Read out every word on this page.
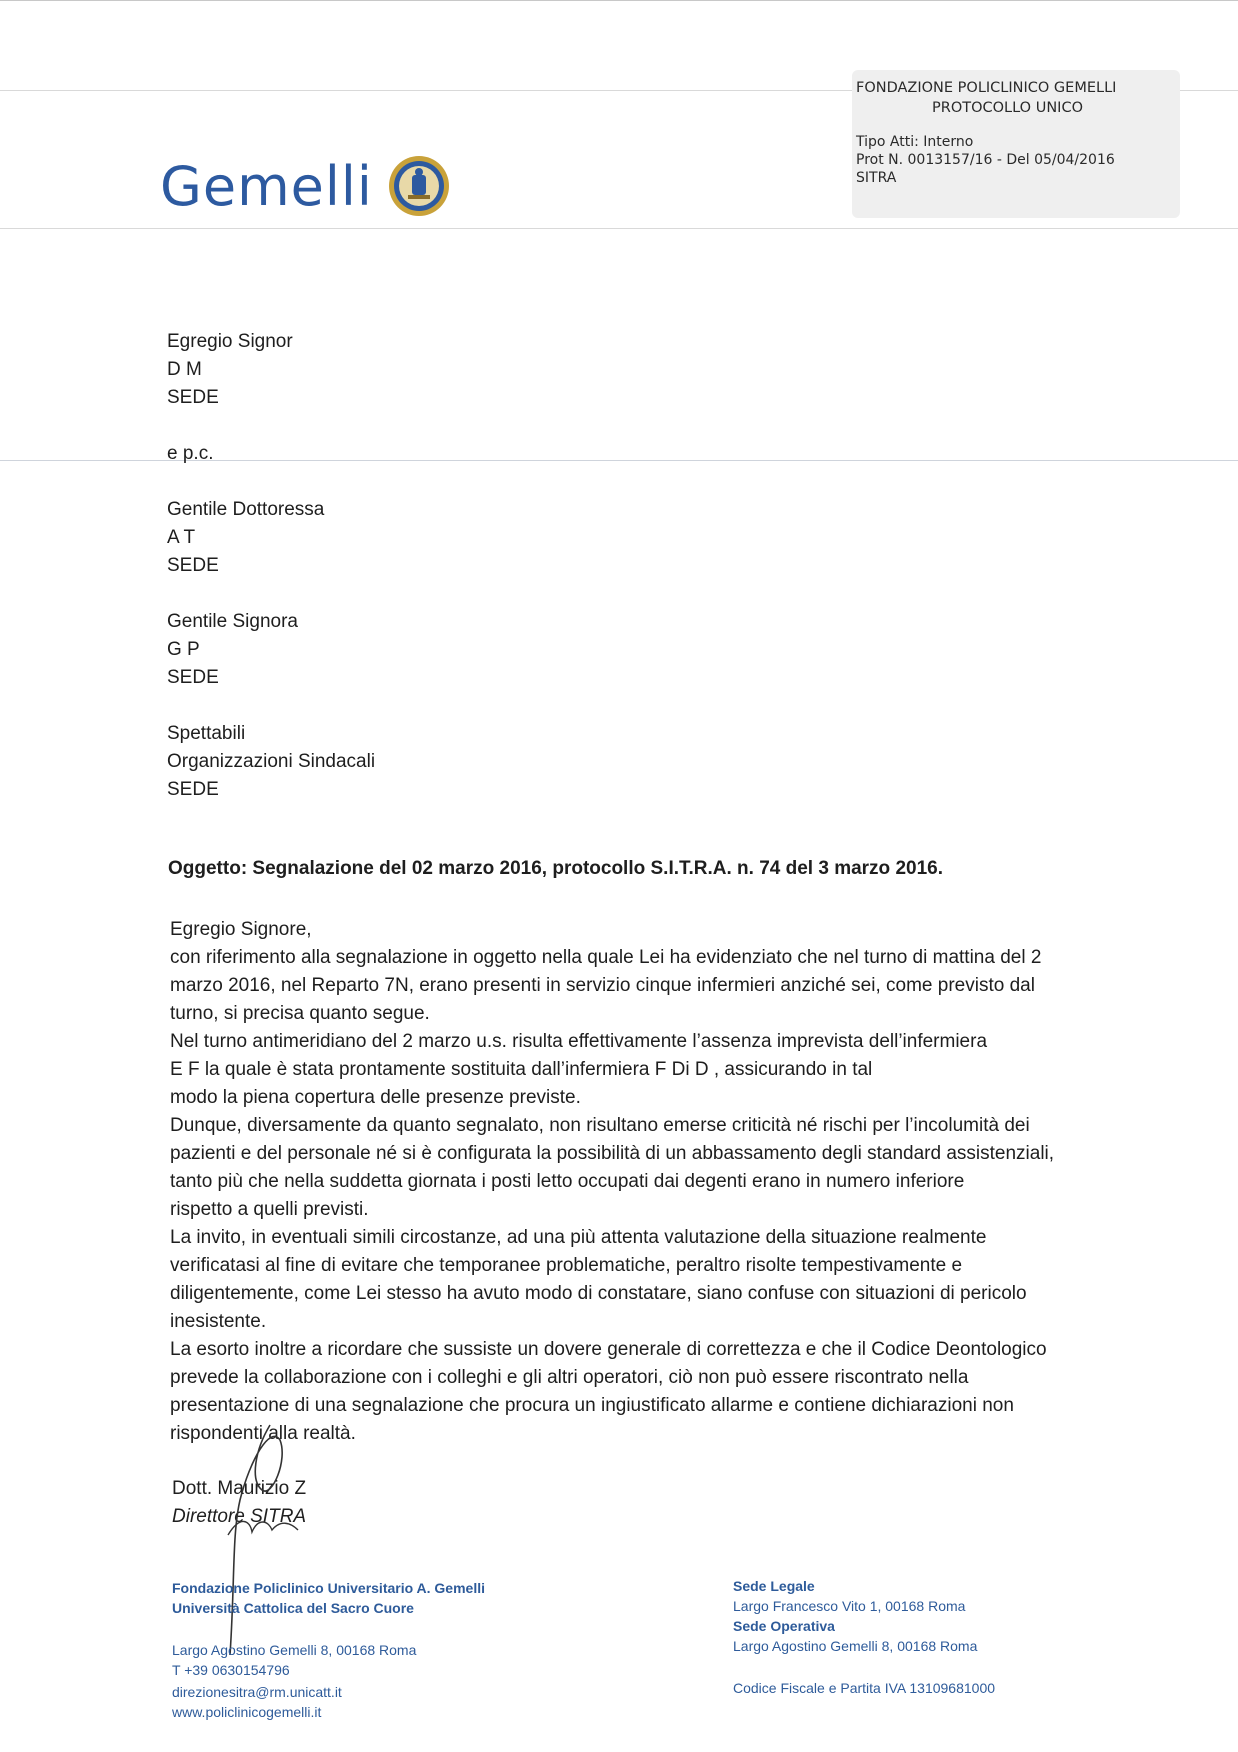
Gemelli
FONDAZIONE POLICLINICO GEMELLI
PROTOCOLLO UNICO
Tipo Atti: Interno
Prot N. 0013157/16 - Del 05/04/2016
SITRA
Egregio Signor
D M
SEDE
e p.c.
Gentile Dottoressa
A T
SEDE
Gentile Signora
G P
SEDE
Spettabili
Organizzazioni Sindacali
SEDE
Oggetto: Segnalazione del 02 marzo 2016, protocollo S.I.T.R.A. n. 74 del 3 marzo 2016.
Egregio Signore,
con riferimento alla segnalazione in oggetto nella quale Lei ha evidenziato che nel turno di mattina del 2
marzo 2016, nel Reparto 7N, erano presenti in servizio cinque infermieri anziché sei, come previsto dal
turno, si precisa quanto segue.
Nel turno antimeridiano del 2 marzo u.s. risulta effettivamente l’assenza imprevista dell’infermiera
E F la quale è stata prontamente sostituita dall’infermiera F Di D , assicurando in tal
modo la piena copertura delle presenze previste.
Dunque, diversamente da quanto segnalato, non risultano emerse criticità né rischi per l’incolumità dei
pazienti e del personale né si è configurata la possibilità di un abbassamento degli standard assistenziali,
tanto più che nella suddetta giornata i posti letto occupati dai degenti erano in numero inferiore
rispetto a quelli previsti.
La invito, in eventuali simili circostanze, ad una più attenta valutazione della situazione realmente
verificatasi al fine di evitare che temporanee problematiche, peraltro risolte tempestivamente e
diligentemente, come Lei stesso ha avuto modo di constatare, siano confuse con situazioni di pericolo
inesistente.
La esorto inoltre a ricordare che sussiste un dovere generale di correttezza e che il Codice Deontologico
prevede la collaborazione con i colleghi e gli altri operatori, ciò non può essere riscontrato nella
presentazione di una segnalazione che procura un ingiustificato allarme e contiene dichiarazioni non
rispondenti alla realtà.
Dott. Maurizio Z
Direttore SITRA
Fondazione Policlinico Universitario A. Gemelli
Università Cattolica del Sacro Cuore
Largo Agostino Gemelli 8, 00168 Roma
T +39 0630154796
direzionesitra@rm.unicatt.it
www.policlinicogemelli.it
Sede Legale
Largo Francesco Vito 1, 00168 Roma
Sede Operativa
Largo Agostino Gemelli 8, 00168 Roma
Codice Fiscale e Partita IVA 13109681000
